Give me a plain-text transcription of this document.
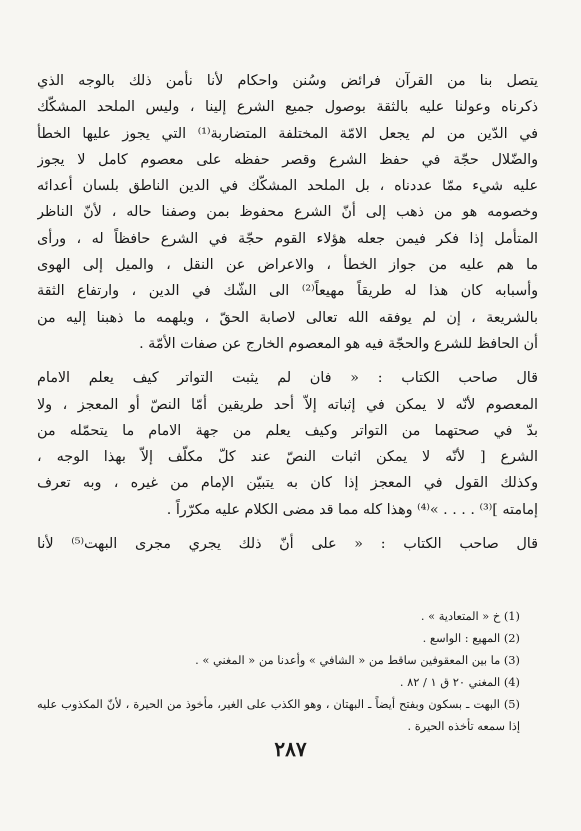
يتصل بنا من القرآن فرائض وسُنن واحكام لأنا نأمن ذلك بالوجه الذي
ذكرناه وعولنا عليه بالثقة بوصول جميع الشرع إلينا ، وليس الملحد المشكّك
في الدّين من لم يجعل الامّة المختلفة المتضاربة⁽¹⁾ التي يجوز عليها الخطأ
والضّلال حجّة في حفظ الشرع وقصر حفظه على معصوم كامل لا يجوز
عليه شيء ممّا عددناه ، بل الملحد المشكّك في الدين الناطق بلسان أعدائه
وخصومه هو من ذهب إلى أنّ الشرع محفوظ بمن وصفنا حاله ، لأنّ الناظر
المتأمل إذا فكر فيمن جعله هؤلاء القوم حجّة في الشرع حافظاً له ، ورأى
ما هم عليه من جواز الخطأ ، والاعراض عن النقل ، والميل إلى الهوى
وأسبابه كان هذا له طريقاً مهيعاً⁽²⁾ الى الشّك في الدين ، وارتفاع الثقة
بالشريعة ، إن لم يوفقه الله تعالى لاصابة الحقّ ، ويلهمه ما ذهبنا إليه من
أن الحافظ للشرع والحجّة فيه هو المعصوم الخارج عن صفات الأمّة .

قال صاحب الكتاب : « فان لم يثبت التواتر كيف يعلم الامام
المعصوم لأنّه لا يمكن في إثباته إلاّ أحد طريقين أمّا النصّ أو المعجز ، ولا
بدّ في صحتهما من التواتر وكيف يعلم من جهة الامام ما يتحمّله من
الشرع [ لأنّه لا يمكن اثبات النصّ عند كلّ مكلّف إلاّ بهذا الوجه ،
وكذلك القول في المعجز إذا كان به يتبيّن الإمام من غيره ، وبه تعرف
إمامته ]⁽³⁾ . . . . »⁽⁴⁾ وهذا كله مما قد مضى الكلام عليه مكرّراً .

قال صاحب الكتاب : « على أنّ ذلك يجري مجرى البهت⁽⁵⁾ لأنا

(1) خ « المتعادية » .

(2) المهيع : الواسع .

(3) ما بين المعقوفين ساقط من « الشافي » وأعدنا من « المغني » .

(4) المغني ٢٠ ق ١ / ٨٢ .

(5) البهت ـ بسكون وبفتح أيضاً ـ البهتان ، وهو الكذب على الغير، مأخوذ من الحيرة ، لأنّ المكذوب عليه إذا سمعه تأخذه الحيرة .

٢٨٧
